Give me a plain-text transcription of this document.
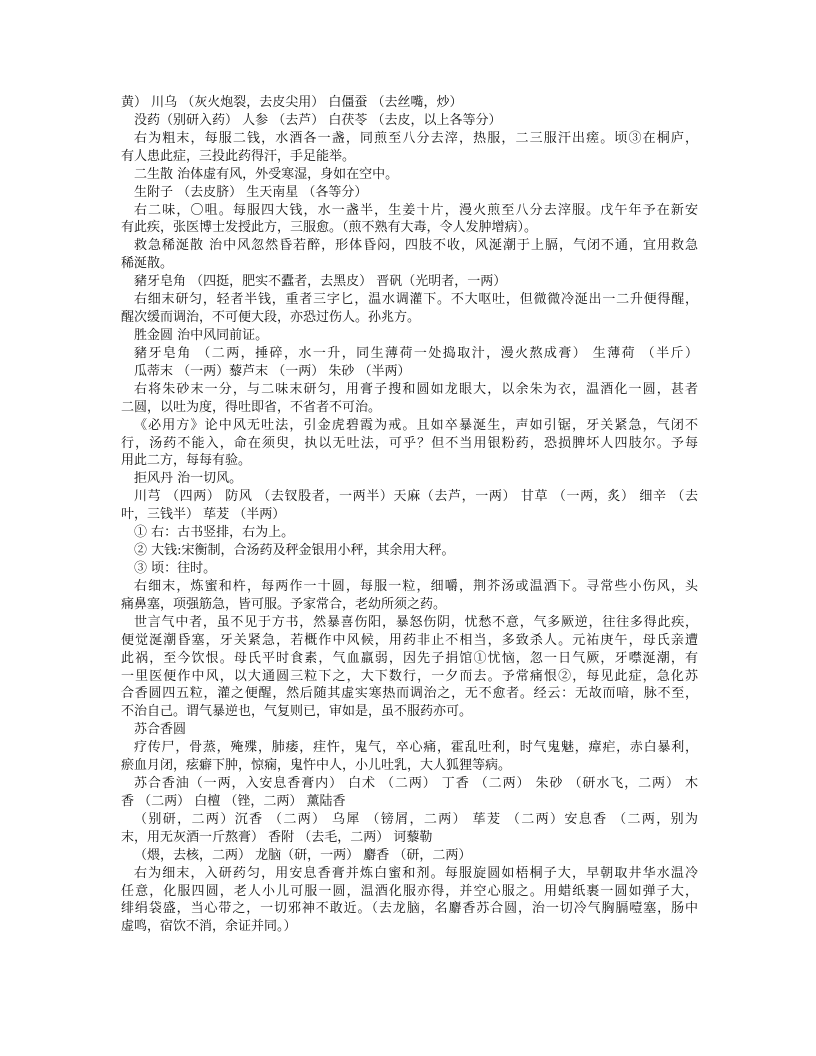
黄） 川乌 （灰火炮裂，去皮尖用） 白僵蚕 （去丝嘴，炒）
没药（别研入药） 人参 （去芦） 白茯苓 （去皮，以上各等分）
右为粗末，每服二钱，水酒各一盏，同煎至八分去滓，热服，二三服汗出瘥。顷③在桐庐，
有人患此症，三投此药得汗，手足能举。
二生散 治体虚有风，外受寒湿，身如在空中。
生附子 （去皮脐） 生天南星 （各等分）
右二味，〇咀。每服四大钱，水一盏半，生姜十片，漫火煎至八分去滓服。戊午年予在新安
有此疾，张医博士发授此方，三服愈。（煎不熟有大毒，令人发肿增病）。
救急稀涎散 治中风忽然昏若醉，形体昏闷，四肢不收，风涎潮于上膈，气闭不通，宜用救急
稀涎散。
豬牙皂角 （四挺，肥实不蠹者，去黑皮） 晋矾（光明者，一两）
右细末研匀，轻者半钱，重者三字匕，温水调灌下。不大呕吐，但微微冷涎出一二升便得醒，
醒次缓而调治，不可便大段，亦恐过伤人。孙兆方。
胜金圆 治中风同前证。
豬牙皂角 （二两，捶碎，水一升，同生薄荷一处捣取汁，漫火熬成膏） 生薄荷 （半斤）
瓜蒂末 （一两）藜芦末 （一两） 朱砂 （半两）
右将朱砂末一分，与二味末研匀，用膏子搜和圆如龙眼大，以余朱为衣，温酒化一圆，甚者
二圆，以吐为度，得吐即省，不省者不可治。
《必用方》论中风无吐法，引金虎碧霞为戒。且如卒暴涎生，声如引锯，牙关紧急，气闭不
行，汤药不能入，命在须臾，执以无吐法，可乎？但不当用银粉药，恐损脾坏人四肢尔。予每
用此二方，每每有验。
拒风丹 治一切风。
川芎 （四两） 防风 （去钗股者，一两半）天麻（去芦，一两） 甘草 （一两，炙） 细辛 （去
叶，三钱半） 荜茇 （半两）
① 右：古书竖排，右为上。
② 大钱:宋衡制，合汤药及秤金银用小秤，其余用大秤。
③ 顷：往时。
右细末，炼蜜和杵，每两作一十圆，每服一粒，细嚼，荆芥汤或温酒下。寻常些小伤风，头
痛鼻塞，项强筋急，皆可服。予家常合，老幼所须之药。
世言气中者，虽不见于方书，然暴喜伤阳，暴怒伤阴，忧愁不意，气多厥逆，往往多得此疾，
便觉涎潮昏塞，牙关紧急，若概作中风候，用药非止不相当，多致杀人。元祐庚午，母氏亲遭
此祸，至今饮恨。母氏平时食素，气血羸弱，因先子捐馆①忧恼，忽一日气厥，牙噤涎潮，有
一里医便作中风，以大通圆三粒下之，大下数行，一夕而去。予常痛恨②，每见此症，急化苏
合香圆四五粒，灌之便醒，然后随其虚实寒热而调治之，无不愈者。经云：无故而喑，脉不至，
不治自己。谓气暴逆也，气复则已，审如是，虽不服药亦可。
苏合香圆
疗传尸，骨蒸，殗殜，肺痿，疰忤，鬼气，卒心痛，霍乱吐利，时气鬼魅，瘴疟，赤白暴利，
瘀血月闭，痃癖下肿，惊痫，鬼忤中人，小儿吐乳，大人狐狸等病。
苏合香油（一两，入安息香膏内） 白术 （二两） 丁香 （二两） 朱砂 （研水飞，二两） 木
香 （二两） 白檀 （锉，二两） 薰陆香
（别研，二两）沉香 （二两） 乌犀 （镑屑，二两） 荜茇 （二两）安息香 （二两，别为
末，用无灰酒一斤熬膏） 香附 （去毛，二两） 诃藜勒
（煨，去核，二两） 龙脑（研，一两） 麝香 （研，二两）
右为细末，入研药匀，用安息香膏并炼白蜜和剂。每服旋圆如梧桐子大，早朝取井华水温冷
任意，化服四圆，老人小儿可服一圆，温酒化服亦得，并空心服之。用蜡纸裹一圆如弹子大，
绯绢袋盛，当心带之，一切邪神不敢近。（去龙脑，名麝香苏合圆，治一切冷气胸膈噎塞，肠中
虚鸣，宿饮不消，余证并同。）
